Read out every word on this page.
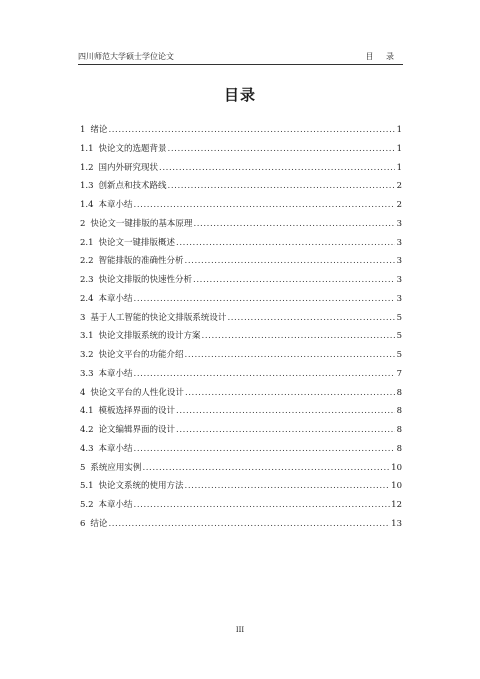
四川师范大学硕士学位论文	目 录
目录
1 绪论 .....	1
1.1 快论文的选题背景 .....	1
1.2 国内外研究现状 .....	1
1.3 创新点和技术路线 .....	2
1.4 本章小结 .....	2
2 快论文一键排版的基本原理 .....	3
2.1 快论文一键排版概述 .....	3
2.2 智能排版的准确性分析 .....	3
2.3 快论文排版的快速性分析 .....	3
2.4 本章小结 .....	3
3 基于人工智能的快论文排版系统设计 .....	5
3.1 快论文排版系统的设计方案 .....	5
3.2 快论文平台的功能介绍 .....	5
3.3 本章小结 .....	7
4 快论文平台的人性化设计 .....	8
4.1 模板选择界面的设计 .....	8
4.2 论文编辑界面的设计 .....	8
4.3 本章小结 .....	8
5 系统应用实例 .....	10
5.1 快论文系统的使用方法 .....	10
5.2 本章小结 .....	12
6 结论 .....	13
III
